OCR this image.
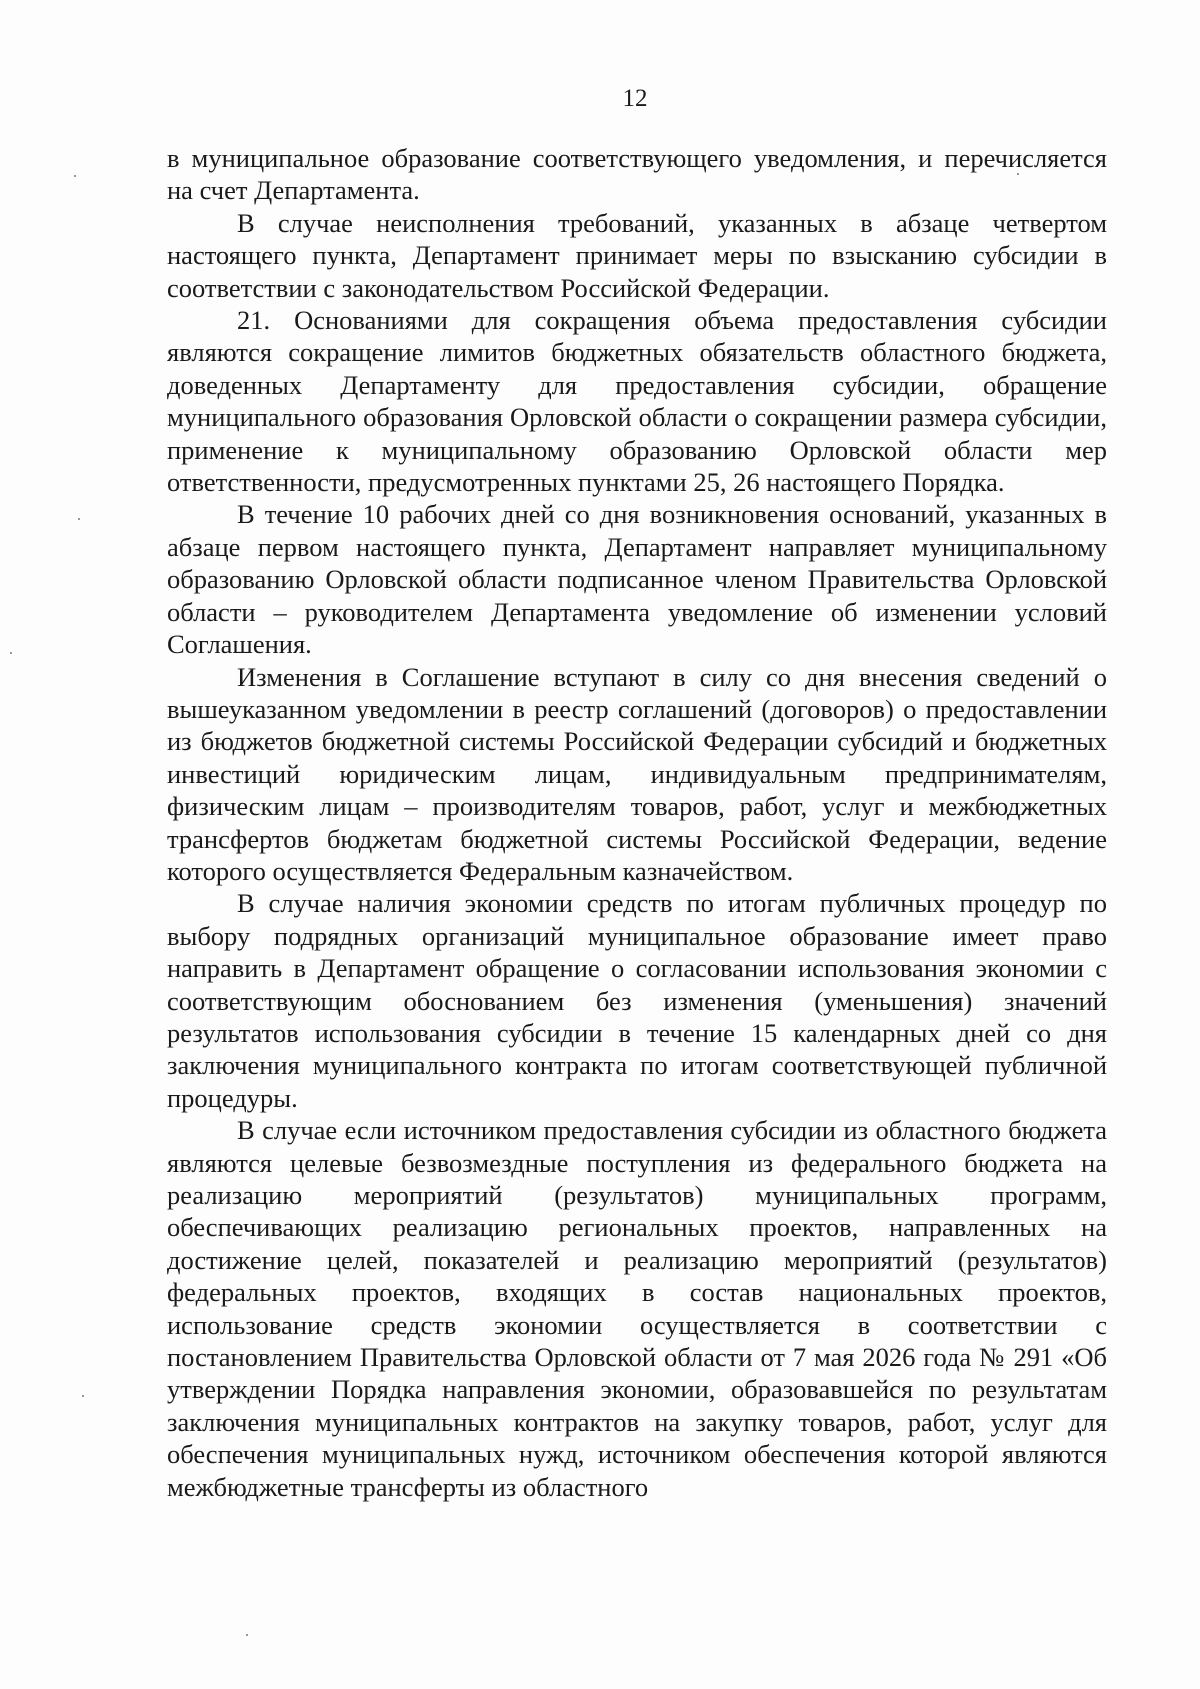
12

в муниципальное образование соответствующего уведомления, и перечисляется на счет Департамента.

В случае неисполнения требований, указанных в абзаце четвертом настоящего пункта, Департамент принимает меры по взысканию субсидии в соответствии с законодательством Российской Федерации.

21. Основаниями для сокращения объема предоставления субсидии являются сокращение лимитов бюджетных обязательств областного бюджета, доведенных Департаменту для предоставления субсидии, обращение муниципального образования Орловской области о сокращении размера субсидии, применение к муниципальному образованию Орловской области мер ответственности, предусмотренных пунктами 25, 26 настоящего Порядка.

В течение 10 рабочих дней со дня возникновения оснований, указанных в абзаце первом настоящего пункта, Департамент направляет муниципальному образованию Орловской области подписанное членом Правительства Орловской области – руководителем Департамента уведомление об изменении условий Соглашения.

Изменения в Соглашение вступают в силу со дня внесения сведений о вышеуказанном уведомлении в реестр соглашений (договоров) о предоставлении из бюджетов бюджетной системы Российской Федерации субсидий и бюджетных инвестиций юридическим лицам, индивидуальным предпринимателям, физическим лицам – производителям товаров, работ, услуг и межбюджетных трансфертов бюджетам бюджетной системы Российской Федерации, ведение которого осуществляется Федеральным казначейством.

В случае наличия экономии средств по итогам публичных процедур по выбору подрядных организаций муниципальное образование имеет право направить в Департамент обращение о согласовании использования экономии с соответствующим обоснованием без изменения (уменьшения) значений результатов использования субсидии в течение 15 календарных дней со дня заключения муниципального контракта по итогам соответствующей публичной процедуры.

В случае если источником предоставления субсидии из областного бюджета являются целевые безвозмездные поступления из федерального бюджета на реализацию мероприятий (результатов) муниципальных программ, обеспечивающих реализацию региональных проектов, направленных на достижение целей, показателей и реализацию мероприятий (результатов) федеральных проектов, входящих в состав национальных проектов, использование средств экономии осуществляется в соответствии с постановлением Правительства Орловской области от 7 мая 2026 года № 291 «Об утверждении Порядка направления экономии, образовавшейся по результатам заключения муниципальных контрактов на закупку товаров, работ, услуг для обеспечения муниципальных нужд, источником обеспечения которой являются межбюджетные трансферты из областного
